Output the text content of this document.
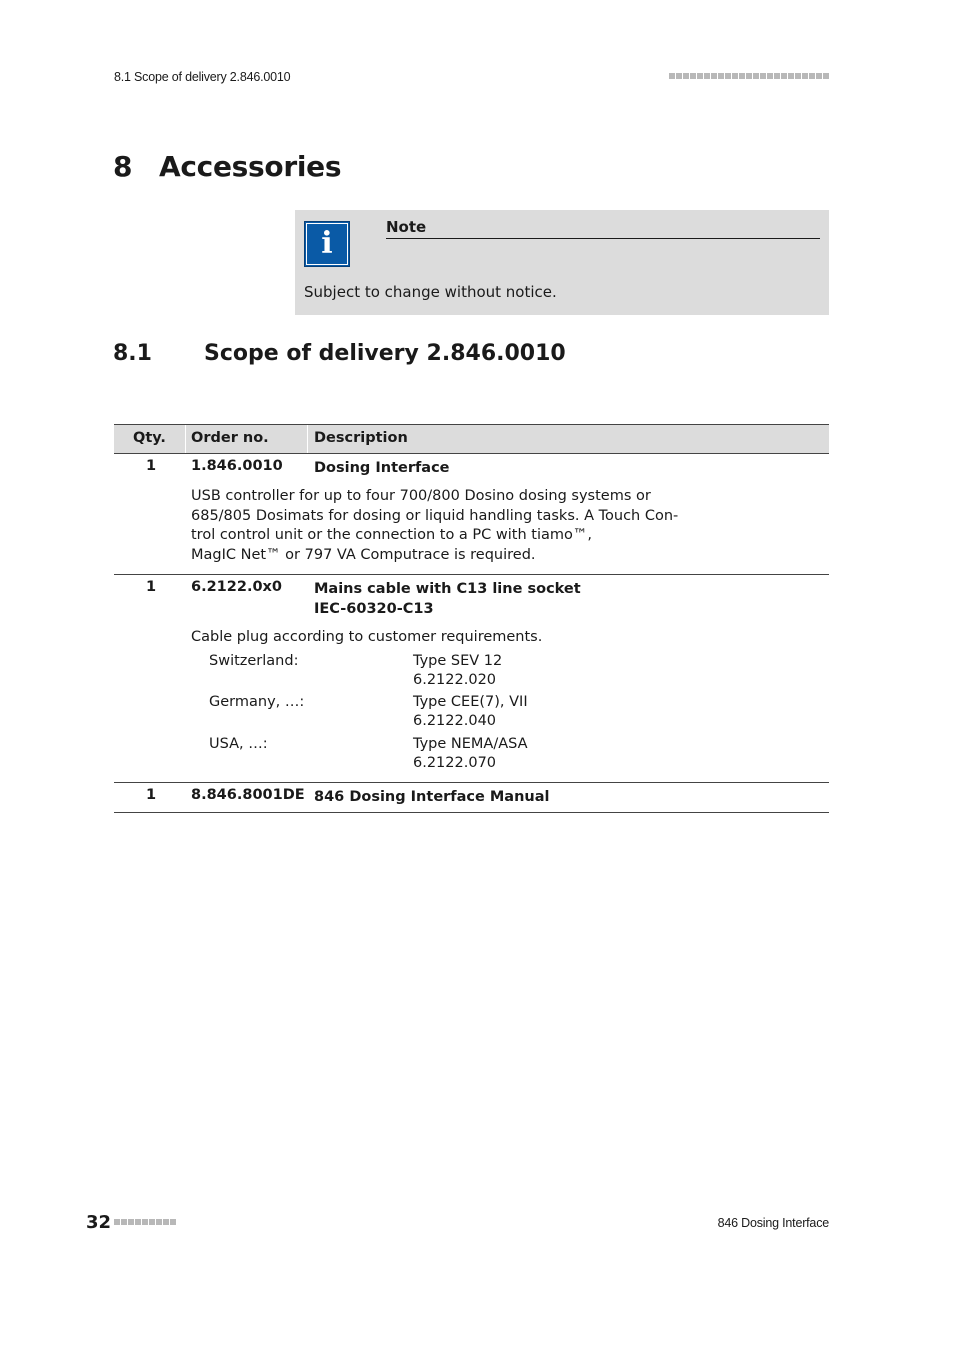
8.1 Scope of delivery 2.846.0010
8 Accessories
i	Note
Subject to change without notice.
8.1 Scope of delivery 2.846.0010
Qty. Order no.	Description
1 1.846.0010 Dosing Interface
USB controller for up to four 700/800 Dosino dosing systems or
685/805 Dosimats for dosing or liquid handling tasks. A Touch Con-
trol control unit or the connection to a PC with tiamo™,
MagIC Net™ or 797 VA Computrace is required.
1 6.2122.0x0 Mains cable with C13 line socket
IEC-60320-C13
Cable plug according to customer requirements.
Switzerland:	Type SEV 12
6.2122.020
Germany, …:	Type CEE(7), VII
6.2122.040
USA, …:	Type NEMA/ASA
6.2122.070
1 8.846.8001DE 846 Dosing Interface Manual
32	846 Dosing Interface
